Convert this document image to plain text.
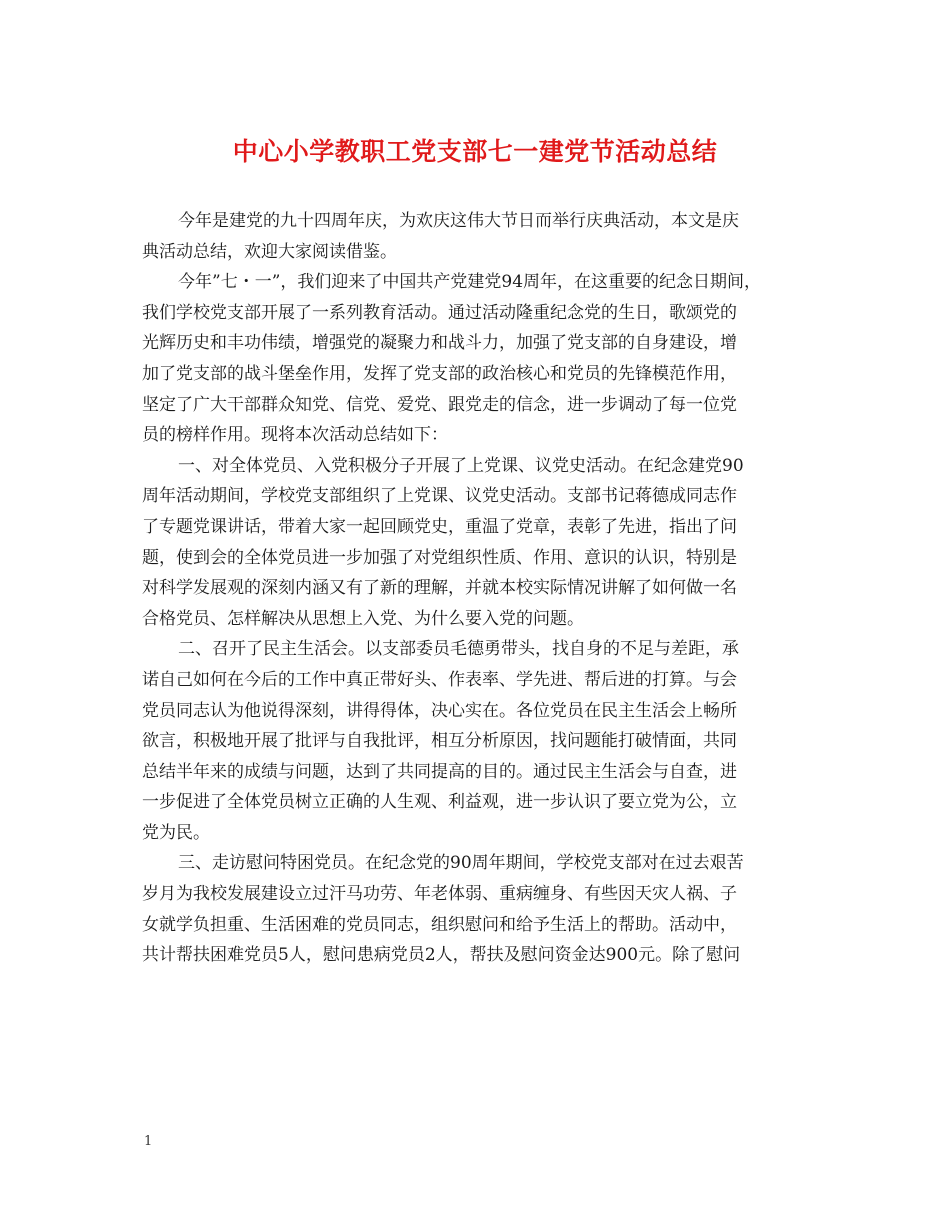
中心小学教职工党支部七一建党节活动总结
今年是建党的九十四周年庆，为欢庆这伟大节日而举行庆典活动，本文是庆
典活动总结，欢迎大家阅读借鉴。
今年”七・一”，我们迎来了中国共产党建党94周年，在这重要的纪念日期间，
我们学校党支部开展了一系列教育活动。通过活动隆重纪念党的生日，歌颂党的
光辉历史和丰功伟绩，增强党的凝聚力和战斗力，加强了党支部的自身建设，增
加了党支部的战斗堡垒作用，发挥了党支部的政治核心和党员的先锋模范作用，
坚定了广大干部群众知党、信党、爱党、跟党走的信念，进一步调动了每一位党
员的榜样作用。现将本次活动总结如下：
一、对全体党员、入党积极分子开展了上党课、议党史活动。在纪念建党90
周年活动期间，学校党支部组织了上党课、议党史活动。支部书记蒋德成同志作
了专题党课讲话，带着大家一起回顾党史，重温了党章，表彰了先进，指出了问
题，使到会的全体党员进一步加强了对党组织性质、作用、意识的认识，特别是
对科学发展观的深刻内涵又有了新的理解，并就本校实际情况讲解了如何做一名
合格党员、怎样解决从思想上入党、为什么要入党的问题。
二、召开了民主生活会。以支部委员毛德勇带头，找自身的不足与差距，承
诺自己如何在今后的工作中真正带好头、作表率、学先进、帮后进的打算。与会
党员同志认为他说得深刻，讲得得体，决心实在。各位党员在民主生活会上畅所
欲言，积极地开展了批评与自我批评，相互分析原因，找问题能打破情面，共同
总结半年来的成绩与问题，达到了共同提高的目的。通过民主生活会与自查，进
一步促进了全体党员树立正确的人生观、利益观，进一步认识了要立党为公，立
党为民。
三、走访慰问特困党员。在纪念党的90周年期间，学校党支部对在过去艰苦
岁月为我校发展建设立过汗马功劳、年老体弱、重病缠身、有些因天灾人祸、子
女就学负担重、生活困难的党员同志，组织慰问和给予生活上的帮助。活动中，
共计帮扶困难党员5人，慰问患病党员2人，帮扶及慰问资金达900元。除了慰问
1
